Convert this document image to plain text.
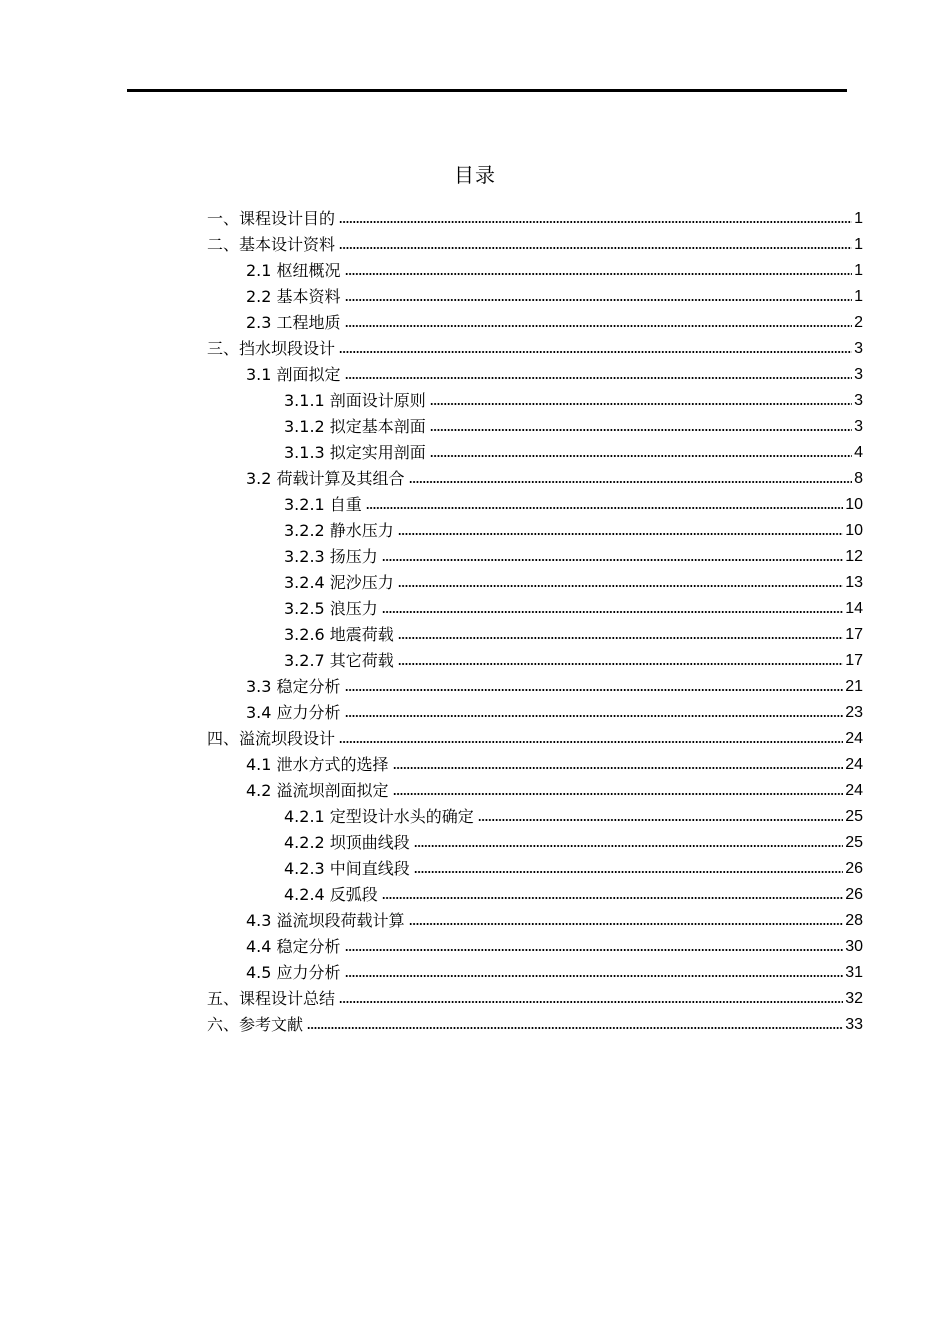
目录
一、课程设计目的	1
二、基本设计资料	1
2.1 枢纽概况	1
2.2 基本资料	1
2.3 工程地质	2
三、挡水坝段设计	3
3.1 剖面拟定	3
3.1.1 剖面设计原则	3
3.1.2 拟定基本剖面	3
3.1.3 拟定实用剖面	4
3.2 荷载计算及其组合	8
3.2.1 自重	10
3.2.2 静水压力	10
3.2.3 扬压力	12
3.2.4 泥沙压力	13
3.2.5 浪压力	14
3.2.6 地震荷载	17
3.2.7 其它荷载	17
3.3 稳定分析	21
3.4 应力分析	23
四、溢流坝段设计	24
4.1 泄水方式的选择	24
4.2 溢流坝剖面拟定	24
4.2.1 定型设计水头的确定	25
4.2.2 坝顶曲线段	25
4.2.3 中间直线段	26
4.2.4 反弧段	26
4.3 溢流坝段荷载计算	28
4.4 稳定分析	30
4.5 应力分析	31
五、课程设计总结	32
六、参考文献	33
